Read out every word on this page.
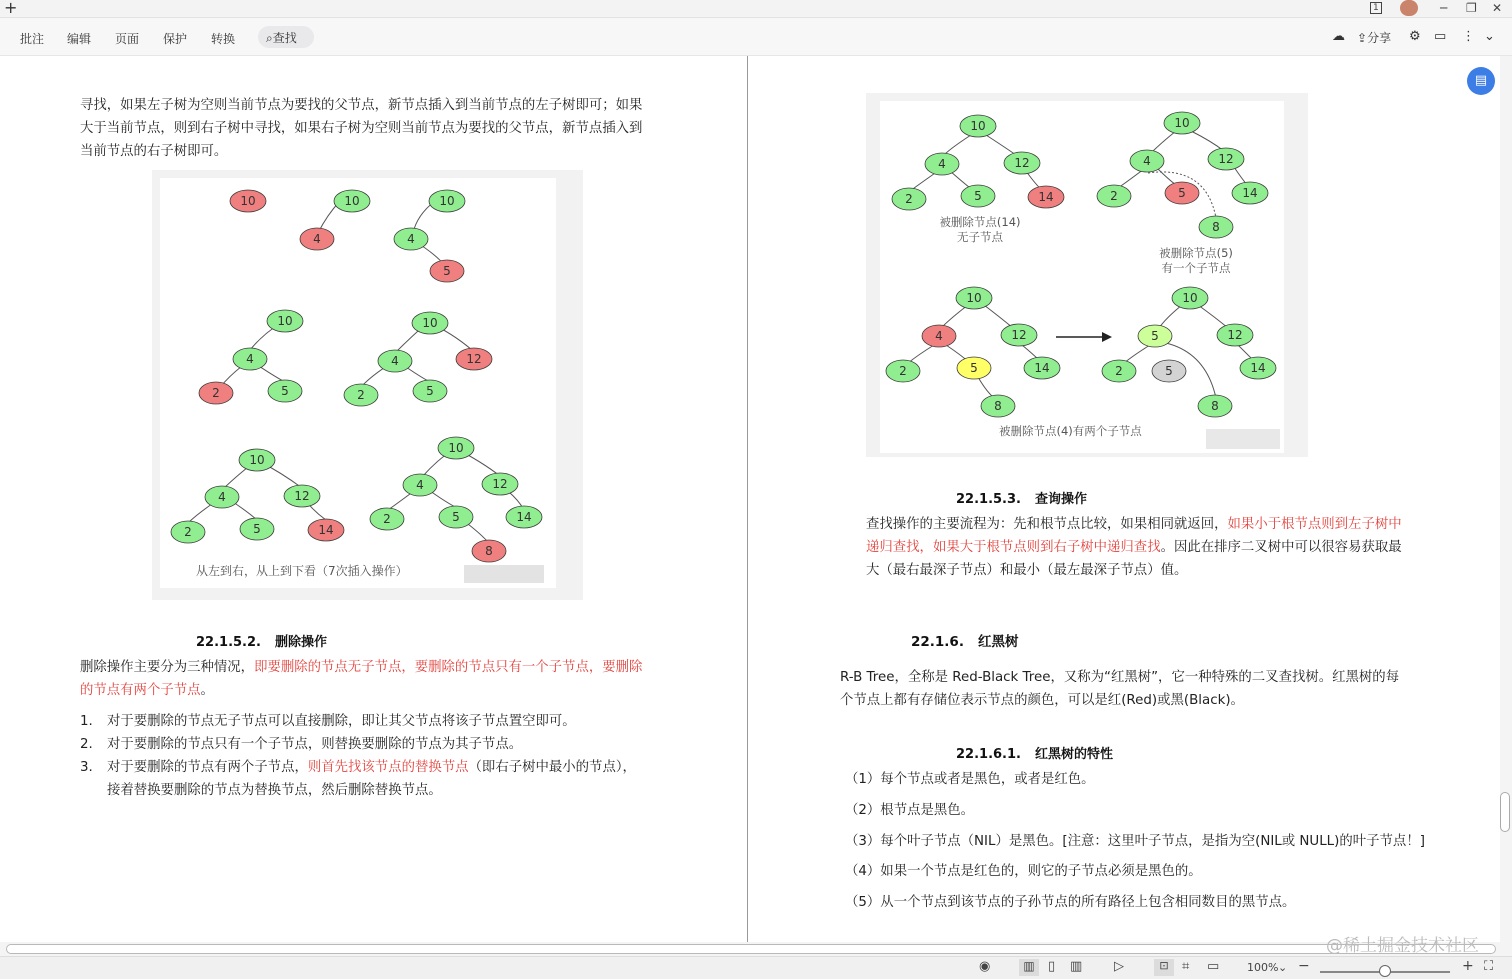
+	1	─ ❐ ✕
批注 编辑 页面 保护 转换	⌕查找	☁ ⇪分享 ⚙ ▭ ⋮ ⌄
寻找，如果左子树为空则当前节点为要找的父节点，新节点插入到当前节点的左子树即可；如果
大于当前节点，则到右子树中寻找，如果右子树为空则当前节点为要找的父节点，新节点插入到
当前节点的右子树即可。
10	10
4
10
4
5
10
4
2	5
10
4	12
2	5
10
4	12
2	5	14
10
4	12
2	5	14
8
从左到右，从上到下看（7次插入操作）
22.1.5.2. 删除操作
删除操作主要分为三种情况，即要删除的节点无子节点，要删除的节点只有一个子节点，要删除
的节点有两个子节点。
1. 对于要删除的节点无子节点可以直接删除，即让其父节点将该子节点置空即可。
2. 对于要删除的节点只有一个子节点，则替换要删除的节点为其子节点。
3. 对于要删除的节点有两个子节点，则首先找该节点的替换节点（即右子树中最小的节点），
接着替换要删除的节点为替换节点，然后删除替换节点。
10
4	12
2	5	14
10
4	12
2	5	14
8
10
4	12
2	5	14
8
10
5	12
2	5	14
8
被删除节点(14)
无子节点
被删除节点(5)
有一个子节点
被删除节点(4)有两个子节点
22.1.5.3. 查询操作
查找操作的主要流程为：先和根节点比较，如果相同就返回，如果小于根节点则到左子树中
递归查找，如果大于根节点则到右子树中递归查找。因此在排序二叉树中可以很容易获取最
大（最右最深子节点）和最小（最左最深子节点）值。
22.1.6. 红黑树
R-B Tree，全称是 Red-Black Tree，又称为“红黑树”，它一种特殊的二叉查找树。红黑树的每
个节点上都有存储位表示节点的颜色，可以是红(Red)或黑(Black)。
22.1.6.1. 红黑树的特性
（1）每个节点或者是黑色，或者是红色。
（2）根节点是黑色。
（3）每个叶子节点（NIL）是黑色。[注意：这里叶子节点，是指为空(NIL或 NULL)的叶子节点！]
（4）如果一个节点是红色的，则它的子节点必须是黑色的。
（5）从一个节点到该节点的子孙节点的所有路径上包含相同数目的黑节点。
▤
@稀土掘金技术社区
◉	▥	▯ ▥ ▷	⊡	⌗ ▭	100% ⌄ −	+ ⛶
